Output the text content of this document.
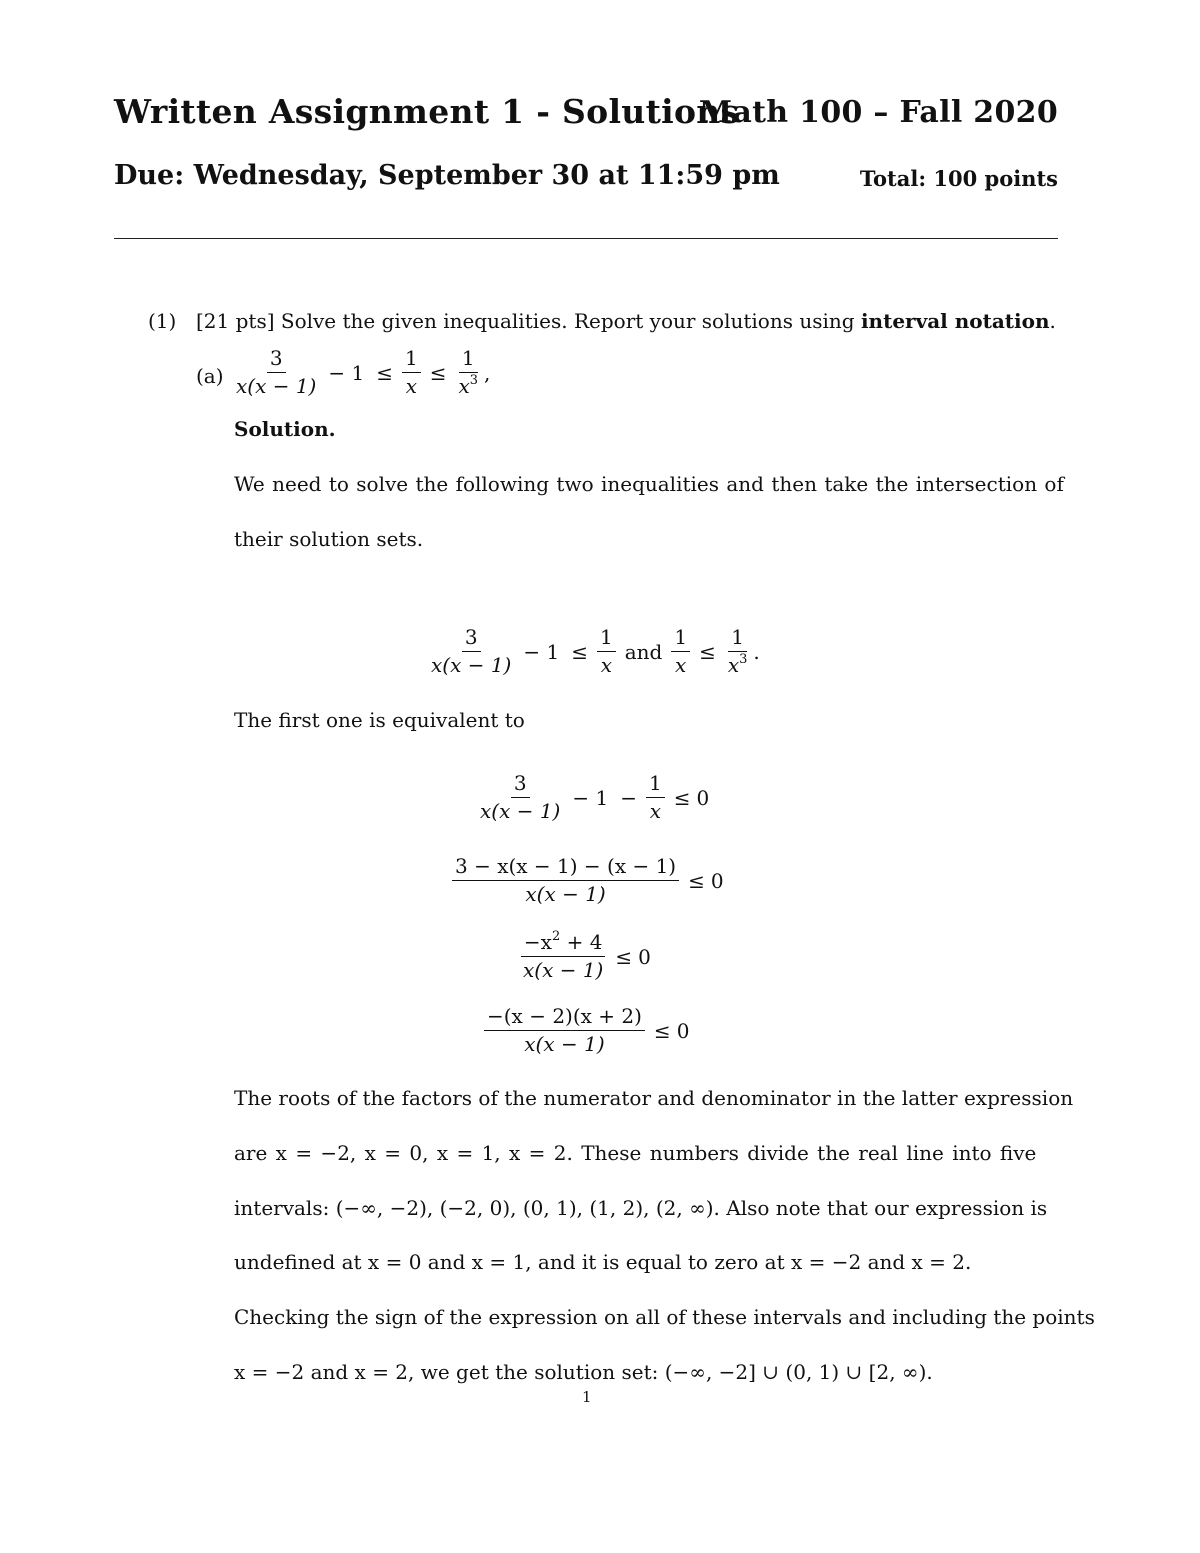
Written Assignment 1 - Solutions
Math 100 – Fall 2020
Due: Wednesday, September 30 at 11:59 pm	Total: 100 points
(1) [21 pts] Solve the given inequalities. Report your solutions using interval notation.
$(a) \frac{3}{x(x - 1)} - 1 \le \frac{1}{x} \le \frac{1}{x^3}$ ,
Solution.
We need to solve the following two inequalities and then take the intersection of
their solution sets.
$\frac{3}{x(x - 1)} - 1 \le \frac{1}{x}$ and $\frac{1}{x} \le \frac{1}{x^3}$ .
The first one is equivalent to
$\frac{3}{x(x - 1)} - 1 - \frac{1}{x} \le 0$
$\frac{3 - x(x - 1) - (x - 1)}{x(x - 1)} \le 0$
$\frac{-x^2 + 4}{x(x - 1)} \le 0$
$\frac{-(x - 2)(x + 2)}{x(x - 1)} \le 0$
The roots of the factors of the numerator and denominator in the latter expression
are x = −2, x = 0, x = 1, x = 2. These numbers divide the real line into five
intervals: (−∞, −2), (−2, 0), (0, 1), (1, 2), (2, ∞). Also note that our expression is
undefined at x = 0 and x = 1, and it is equal to zero at x = −2 and x = 2.
Checking the sign of the expression on all of these intervals and including the points
x = −2 and x = 2, we get the solution set: (−∞, −2] ∪ (0, 1) ∪ [2, ∞).
1
